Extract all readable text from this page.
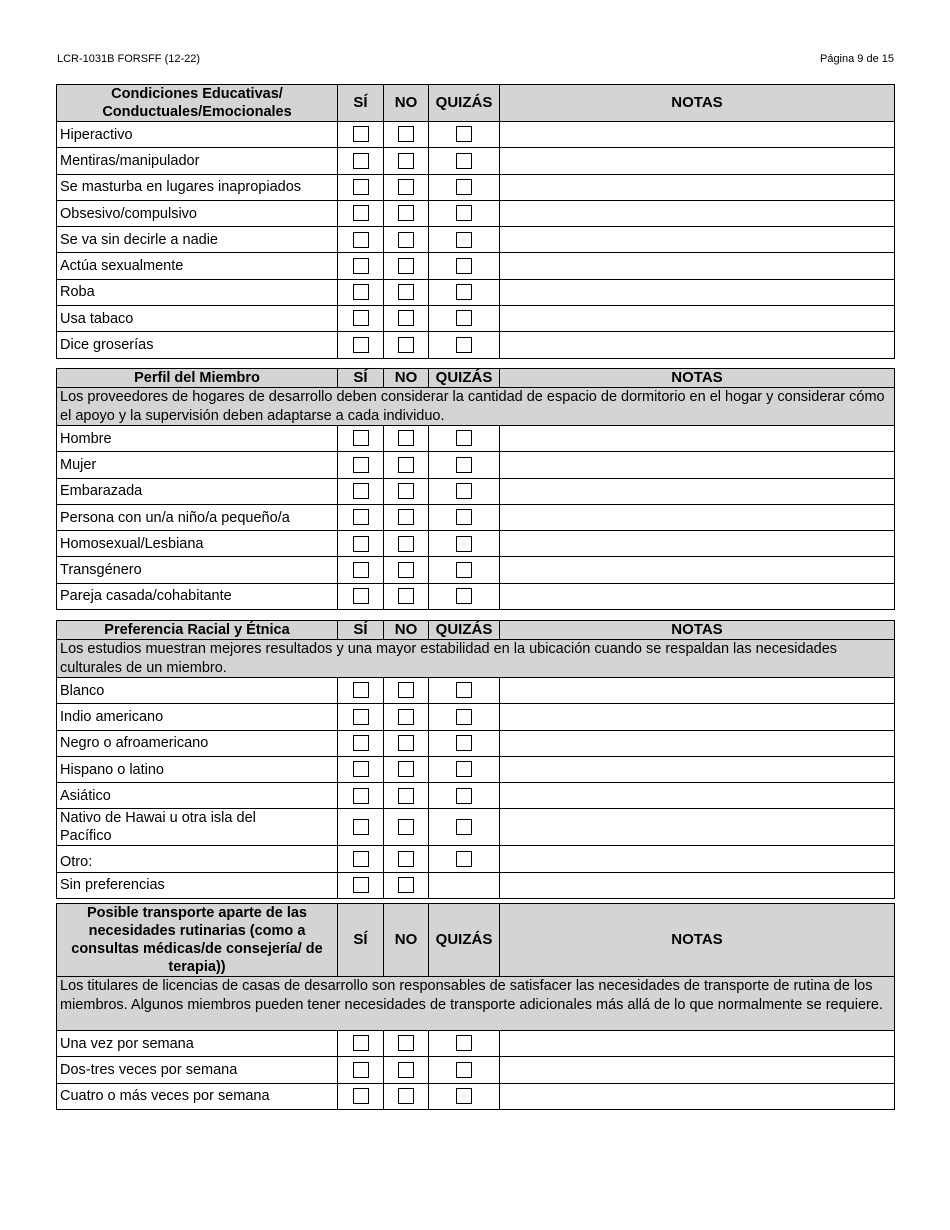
LCR-1031B FORSFF (12-22)	Página 9 de 15
Condiciones Educativas/ Conductuales/Emocionales	SÍ	NO	QUIZÁS	NOTAS
Hiperactivo				
Mentiras/manipulador				
Se masturba en lugares inapropiados				
Obsesivo/compulsivo				
Se va sin decirle a nadie				
Actúa sexualmente				
Roba				
Usa tabaco				
Dice groserías				
Perfil del Miembro	SÍ	NO	QUIZÁS	NOTAS
Los proveedores de hogares de desarrollo deben considerar la cantidad de espacio de dormitorio en el hogar y considerar cómo el apoyo y la supervisión deben adaptarse a cada individuo.				
Hombre				
Mujer				
Embarazada				
Persona con un/a niño/a pequeño/a				
Homosexual/Lesbiana				
Transgénero				
Pareja casada/cohabitante				
Preferencia Racial y Étnica	SÍ	NO	QUIZÁS	NOTAS
Los estudios muestran mejores resultados y una mayor estabilidad en la ubicación cuando se respaldan las necesidades culturales de un miembro.				
Blanco				
Indio americano				
Negro o afroamericano				
Hispano o latino				
Asiático				
Nativo de Hawai u otra isla del Pacífico				
Otro:				
Sin preferencias				
Posible transporte aparte de las necesidades rutinarias (como a consultas médicas/de consejería/ de terapia))	SÍ	NO	QUIZÁS	NOTAS
Los titulares de licencias de casas de desarrollo son responsables de satisfacer las necesidades de transporte de rutina de los miembros. Algunos miembros pueden tener necesidades de transporte adicionales más allá de lo que normalmente se requiere.				
Una vez por semana				
Dos-tres veces por semana				
Cuatro o más veces por semana				
